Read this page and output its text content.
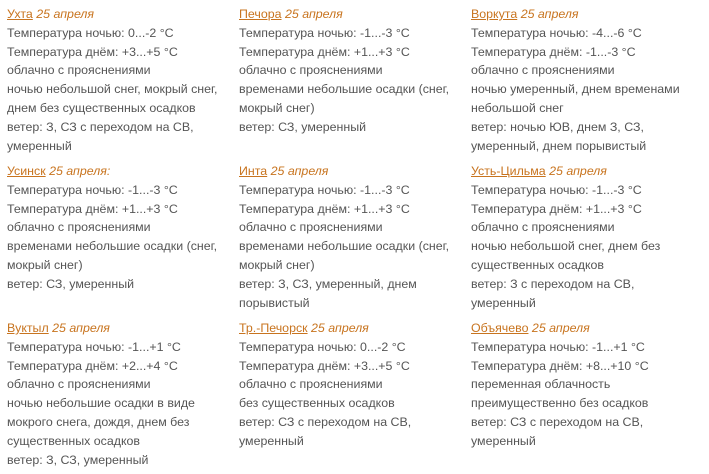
Ухта 25 апреля
Температура ночью: 0...-2 °C
Температура днём: +3...+5 °C
облачно с прояснениями
ночью небольшой снег, мокрый снег, днем без существенных осадков
ветер: З, СЗ с переходом на СВ, умеренный
Печора 25 апреля
Температура ночью: -1...-3 °C
Температура днём: +1...+3 °C
облачно с прояснениями
временами небольшие осадки (снег, мокрый снег)
ветер: СЗ, умеренный
Воркута 25 апреля
Температура ночью: -4...-6 °C
Температура днём: -1...-3 °C
облачно с прояснениями
ночью умеренный, днем временами небольшой снег
ветер: ночью ЮВ, днем З, СЗ, умеренный, днем порывистый
Усинск 25 апреля:
Температура ночью: -1...-3 °C
Температура днём: +1...+3 °C
облачно с прояснениями
временами небольшие осадки (снег, мокрый снег)
ветер: СЗ, умеренный
Инта 25 апреля
Температура ночью: -1...-3 °C
Температура днём: +1...+3 °C
облачно с прояснениями
временами небольшие осадки (снег, мокрый снег)
ветер: З, СЗ, умеренный, днем порывистый
Усть-Цильма 25 апреля
Температура ночью: -1...-3 °C
Температура днём: +1...+3 °C
облачно с прояснениями
ночью небольшой снег, днем без существенных осадков
ветер: З с переходом на СВ, умеренный
Вуктыл 25 апреля
Температура ночью: -1...+1 °C
Температура днём: +2...+4 °C
облачно с прояснениями
ночью небольшие осадки в виде мокрого снега, дождя, днем без существенных осадков
ветер: З, СЗ, умеренный
Тр.-Печорск 25 апреля
Температура ночью: 0...-2 °C
Температура днём: +3...+5 °C
облачно с прояснениями
без существенных осадков
ветер: СЗ с переходом на СВ, умеренный
Объячево 25 апреля
Температура ночью: -1...+1 °C
Температура днём: +8...+10 °C
переменная облачность
преимущественно без осадков
ветер: СЗ с переходом на СВ, умеренный
